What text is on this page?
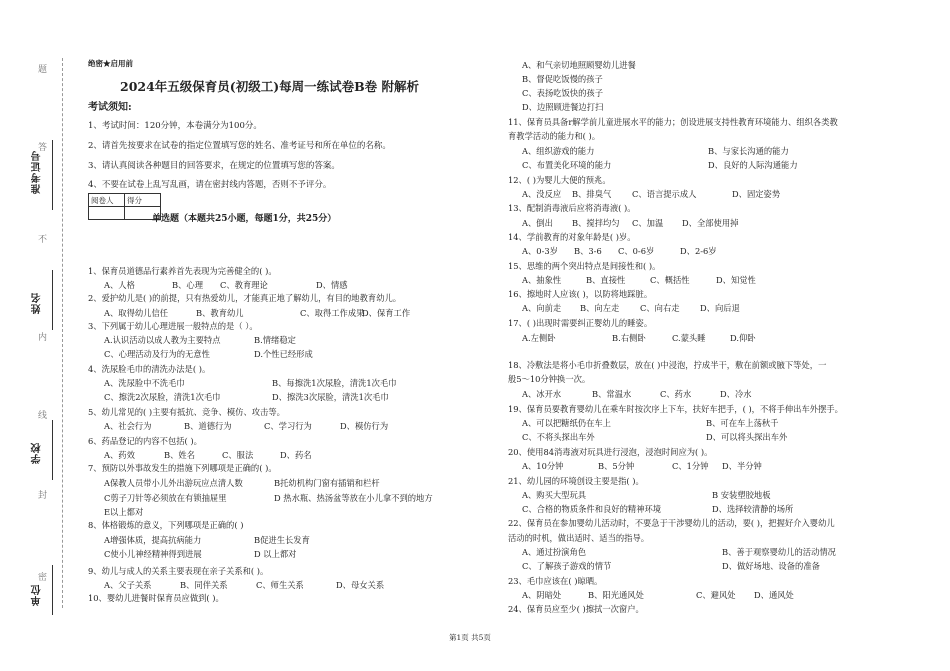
题
答
不
内
线
封
密
准考证号
姓名
学校
单位
绝密★启用前
2024年五级保育员(初级工)每周一练试卷B卷 附解析
考试须知:
1、考试时间：120分钟，本卷满分为100分。
2、请首先按要求在试卷的指定位置填写您的姓名、准考证号和所在单位的名称。
3、请认真阅读各种题目的回答要求，在规定的位置填写您的答案。
4、不要在试卷上乱写乱画，请在密封线内答题，否则不予评分。
阅卷人	得分

单选题（本题共25小题，每题1分，共25分）
1、保育员道德品行素养首先表现为完善健全的( )。
A、人格	B、心理 C、教育理论	D、情感
2、爱护幼儿是( )的前提，只有热爱幼儿，才能真正地了解幼儿，有目的地教育幼儿。
A、取得幼儿信任	B、教育幼儿	C、取得工作成果
D、保育工作
3、下列属于幼儿心理进展一般特点的是（ ）。
A.认识活动以成人教为主要特点	B.情绪稳定
C、心理活动及行为的无意性	D.个性已经形成
4、洗尿脸毛巾的清洗办法是( )。
A、洗尿脸中不洗毛巾	B、每擦洗1次尿脸，清洗1次毛巾
C、擦洗2次尿脸，清洗1次毛巾	D、擦洗3次尿脸，清洗1次毛巾
5、幼儿常见的( )主要有抵抗、竞争、模仿、攻击等。
A、社会行为	B、道德行为	C、学习行为	D、模仿行为
6、药品登记的内容不包括( )。
A、药效	B、姓名	C、服法	D、药名
7、预防以外事故发生的措施下列哪项是正确的( )。
A保教人员带小儿外出游玩应点清人数	B托幼机构门窗有插销和栏杆
C剪子刀针等必须放在有锁抽屉里	D 热水瓶、热汤盆等放在小儿拿不到的地方
E以上都对
8、体格锻炼的意义，下列哪项是正确的( )
A增强体质，提高抗病能力	B促进生长发育
C使小儿神经精神得到进展	D 以上都对
9、幼儿与成人的关系主要表现在亲子关系和( )。
A、父子关系	B、同伴关系	C、师生关系	D、母女关系
10、婴幼儿进餐时保育员应做到( )。
A、和气亲切地照顾婴幼儿进餐
B、督促吃饭慢的孩子
C、表扬吃饭快的孩子
D、边照顾进餐边打扫
11、保育员具备r解学前儿童进展水平的能力；创设进展支持性教育环境能力、组织各类教
育教学活动的能力和( )。
A、组织游戏的能力	B、与家长沟通的能力
C、布置美化环境的能力	D、良好的人际沟通能力
12、( )为婴儿大便的预兆。
A、没反应 B、排臭气 C、语言提示成人	D、固定姿势
13、配制消毒液后应将消毒液( )。
A、倒出 B、搅拌均匀 C、加温 D、全部使用掉
14、学前教育的对象年龄是( )岁。
A、0-3岁 B、3-6 C、0-6岁	D、2-6岁
15、思维的两个突出特点是间接性和( )。
A、抽象性	B、直接性	C、概括性	D、知觉性
16、擦地时人应该( )，以防将地踩脏。
A、向前走 B、向左走 C、向右走 D、向后退
17、( )出现时需要纠正婴幼儿的睡姿。
A.左侧卧	B.右侧卧	C.蒙头睡	D.仰卧
18、冷敷法是将小毛巾折叠数层，放在( )中浸泡，拧成半干，敷在前额或腋下等处，一
般5～10分钟换一次。
A、冰开水	B、常温水	C、药水	D、冷水
19、保育员要教育婴幼儿在乘车时按次序上下车，扶好车把手，( )，不将手伸出车外摆手。
A、可以把糖纸仍在车上	B、可在车上荡秋千
C、不将头探出车外	D、可以将头探出车外
20、使用84消毒液对玩具进行浸泡，浸泡时间应为( )。
A、10分钟	B、5分钟	C、1分钟 D、半分钟
21、幼儿园的环境创设主要是指( )。
A、购买大型玩具	B 安装塑胶地板
C、合格的物质条件和良好的精神环境	D、选择较清静的场所
22、保育员在参加婴幼儿活动时，不要急于干涉婴幼儿的活动，要( )，把握好介入婴幼儿
活动的时机，做出适时、适当的指导。
A、通过扮演角色	B、善于观察婴幼儿的活动情况
C、了解孩子游戏的情节	D、做好场地、设备的准备
23、毛巾应该在( )晾晒。
A、阴暗处	B、阳光通风处	C、避风处 D、通风处
24、保育员应至少( )擦拭一次窗户。
第1页 共5页
